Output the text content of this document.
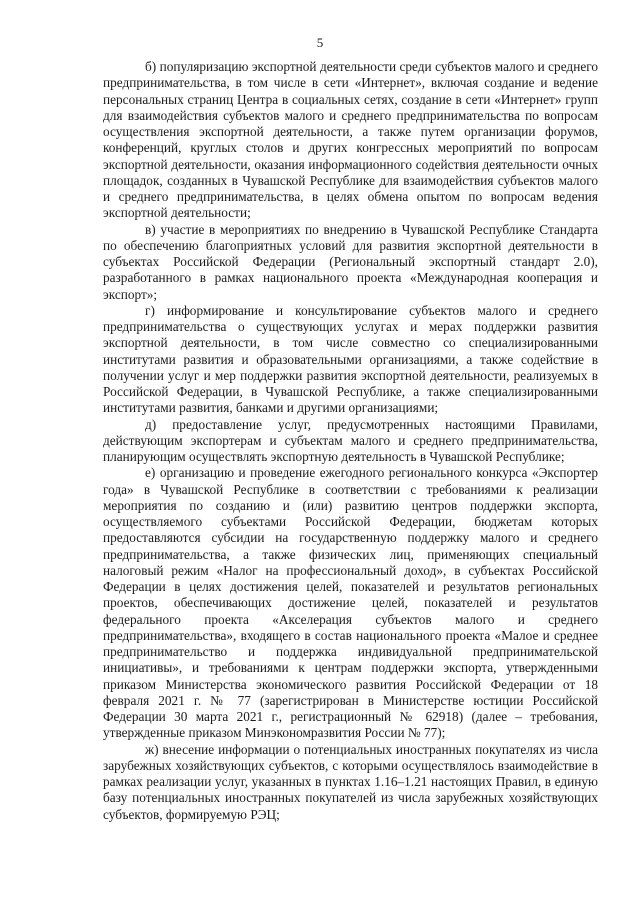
5

б) популяризацию экспортной деятельности среди субъектов малого и среднего предпринимательства, в том числе в сети «Интернет», включая создание и ведение персональных страниц Центра в социальных сетях, создание в сети «Интернет» групп для взаимодействия субъектов малого и среднего предпринимательства по вопросам осуществления экспортной деятельности, а также путем организации форумов, конференций, круглых столов и других конгрессных мероприятий по вопросам экспортной деятельности, оказания информационного содействия деятельности очных площадок, созданных в Чувашской Республике для взаимодействия субъектов малого и среднего предпринимательства, в целях обмена опытом по вопросам ведения экспортной деятельности;

в) участие в мероприятиях по внедрению в Чувашской Республике Стандарта по обеспечению благоприятных условий для развития экспортной деятельности в субъектах Российской Федерации (Региональный экспортный стандарт 2.0), разработанного в рамках национального проекта «Международная кооперация и экспорт»;

г) информирование и консультирование субъектов малого и среднего предпринимательства о существующих услугах и мерах поддержки развития экспортной деятельности, в том числе совместно со специализированными институтами развития и образовательными организациями, а также содействие в получении услуг и мер поддержки развития экспортной деятельности, реализуемых в Российской Федерации, в Чувашской Республике, а также специализированными институтами развития, банками и другими организациями;

д) предоставление услуг, предусмотренных настоящими Правилами, действующим экспортерам и субъектам малого и среднего предпринимательства, планирующим осуществлять экспортную деятельность в Чувашской Республике;

е) организацию и проведение ежегодного регионального конкурса «Экспортер года» в Чувашской Республике в соответствии с требованиями к реализации мероприятия по созданию и (или) развитию центров поддержки экспорта, осуществляемого субъектами Российской Федерации, бюджетам которых предоставляются субсидии на государственную поддержку малого и среднего предпринимательства, а также физических лиц, применяющих специальный налоговый режим «Налог на профессиональный доход», в субъектах Российской Федерации в целях достижения целей, показателей и результатов региональных проектов, обеспечивающих достижение целей, показателей и результатов федерального проекта «Акселерация субъектов малого и среднего предпринимательства», входящего в состав национального проекта «Малое и среднее предпринимательство и поддержка индивидуальной предпринимательской инициативы», и требованиями к центрам поддержки экспорта, утвержденными приказом Министерства экономического развития Российской Федерации от 18 февраля 2021 г. № 77 (зарегистрирован в Министерстве юстиции Российской Федерации 30 марта 2021 г., регистрационный № 62918) (далее – требования, утвержденные приказом Минэкономразвития России № 77);

ж) внесение информации о потенциальных иностранных покупателях из числа зарубежных хозяйствующих субъектов, с которыми осуществлялось взаимодействие в рамках реализации услуг, указанных в пунктах 1.16–1.21 настоящих Правил, в единую базу потенциальных иностранных покупателей из числа зарубежных хозяйствующих субъектов, формируемую РЭЦ;
